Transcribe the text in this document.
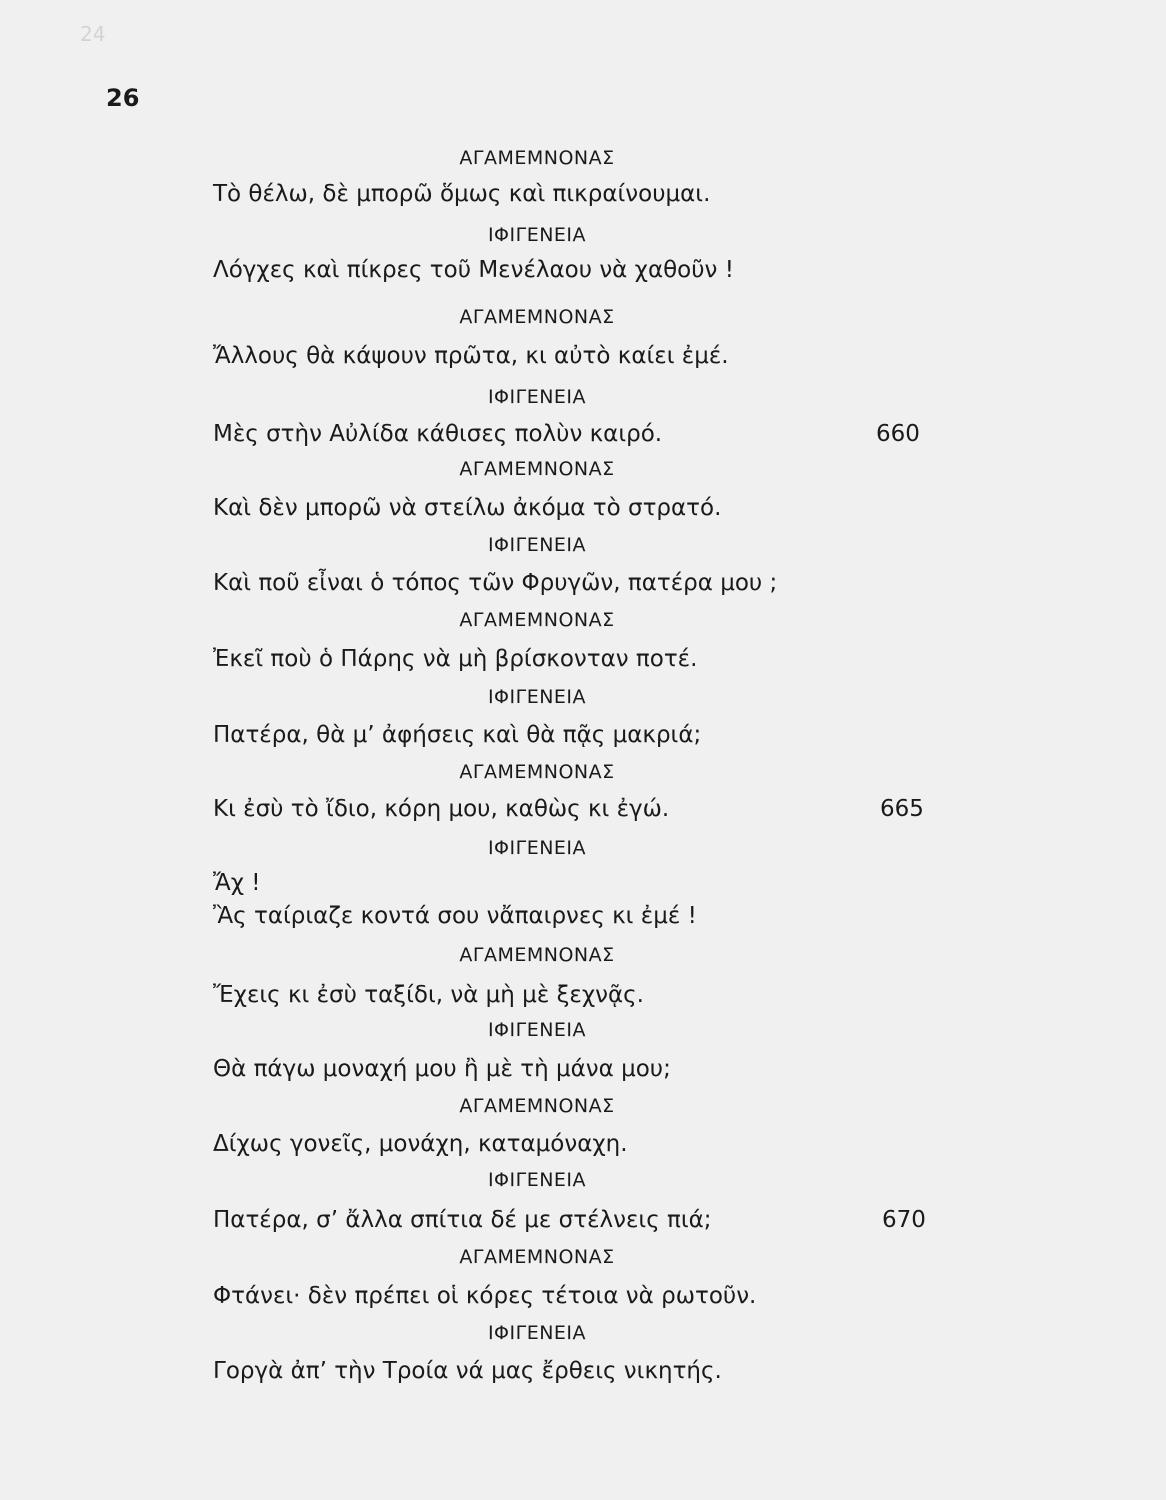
24
26
ΑΓΑΜΕΜΝΟΝΑΣ
Τὸ θέλω, δὲ μπορῶ ὅμως καὶ πικραίνουμαι.
ΙΦΙΓΕΝΕΙΑ
Λόγχες καὶ πίκρες τοῦ Μενέλαου νὰ χαθοῦν !
ΑΓΑΜΕΜΝΟΝΑΣ
Ἄλλους θὰ κάψουν πρῶτα, κι αὐτὸ καίει ἐμέ.
ΙΦΙΓΕΝΕΙΑ
Μὲς στὴν Αὐλίδα κάθισες πολὺν καιρό.	660
ΑΓΑΜΕΜΝΟΝΑΣ
Καὶ δὲν μπορῶ νὰ στείλω ἀκόμα τὸ στρατό.
ΙΦΙΓΕΝΕΙΑ
Καὶ ποῦ εἶναι ὁ τόπος τῶν Φρυγῶν, πατέρα μου ;
ΑΓΑΜΕΜΝΟΝΑΣ
Ἐκεῖ ποὺ ὁ Πάρης νὰ μὴ βρίσκονταν ποτέ.
ΙΦΙΓΕΝΕΙΑ
Πατέρα, θὰ μ’ ἀφήσεις καὶ θὰ πᾷς μακριά;
ΑΓΑΜΕΜΝΟΝΑΣ
Κι ἐσὺ τὸ ἴδιο, κόρη μου, καθὼς κι ἐγώ.	665
ΙΦΙΓΕΝΕΙΑ
Ἄχ !
Ἂς ταίριαζε κοντά σου νἄπαιρνες κι ἐμέ !
ΑΓΑΜΕΜΝΟΝΑΣ
Ἔχεις κι ἐσὺ ταξίδι, νὰ μὴ μὲ ξεχνᾷς.
ΙΦΙΓΕΝΕΙΑ
Θὰ πάγω μοναχή μου ἢ μὲ τὴ μάνα μου;
ΑΓΑΜΕΜΝΟΝΑΣ
Δίχως γονεῖς, μονάχη, καταμόναχη.
ΙΦΙΓΕΝΕΙΑ
Πατέρα, σ’ ἄλλα σπίτια δέ με στέλνεις πιά;	670
ΑΓΑΜΕΜΝΟΝΑΣ
Φτάνει· δὲν πρέπει οἱ κόρες τέτοια νὰ ρωτοῦν.
ΙΦΙΓΕΝΕΙΑ
Γοργὰ ἀπ’ τὴν Τροία νά μας ἔρθεις νικητής.
